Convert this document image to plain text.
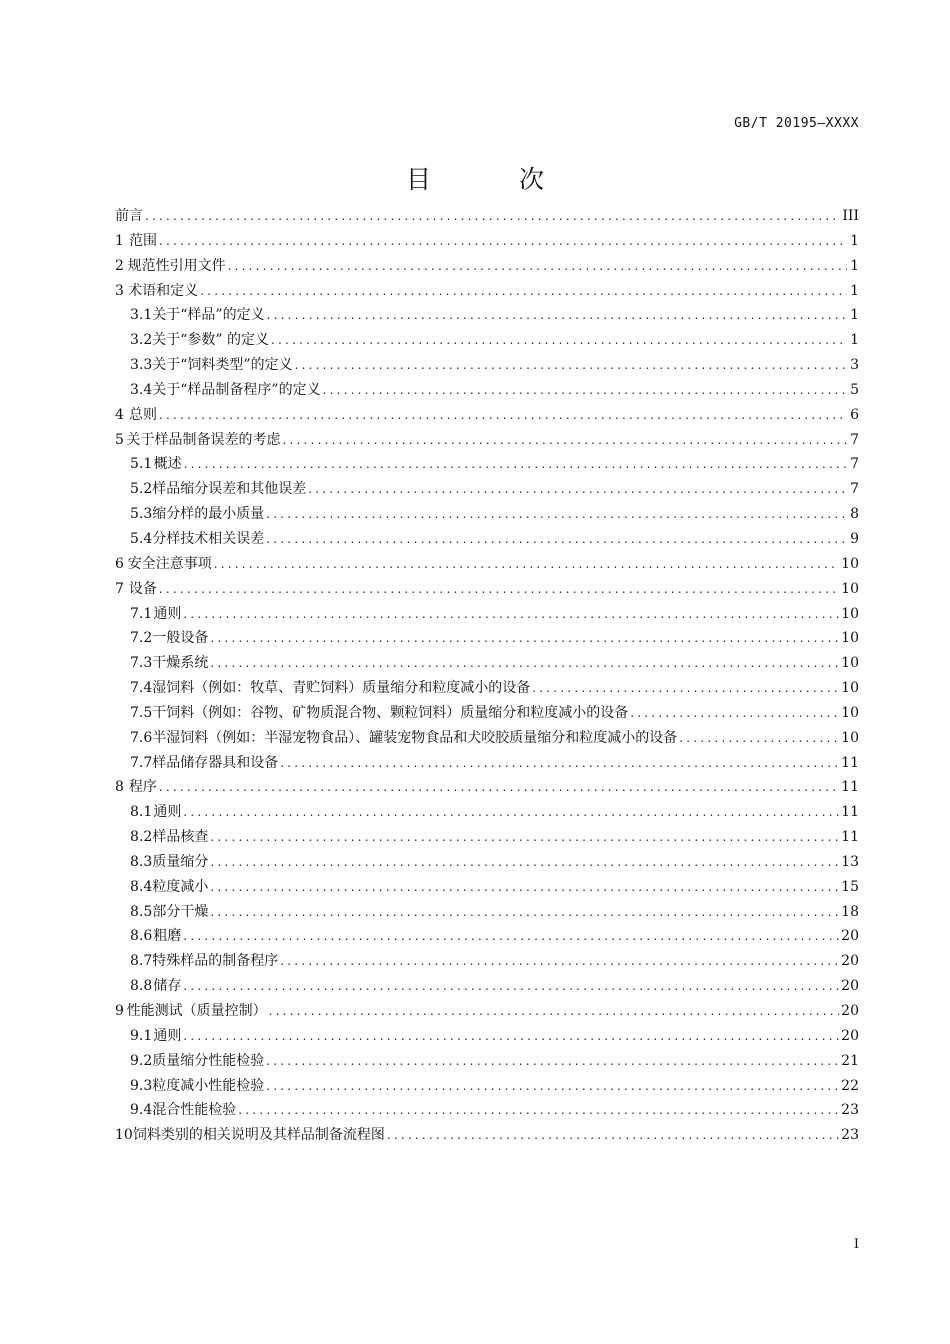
GB/T 20195—XXXX
目 次
前言 .....	III
1 范围 .....	1
2 规范性引用文件 .....	1
3 术语和定义 .....	1
3.1 关于“样品”的定义 .....	1
3.2 关于“参数” 的定义 .....	1
3.3 关于“饲料类型”的定义 .....	3
3.4 关于“样品制备程序”的定义 .....	5
4 总则 .....	6
5 关于样品制备误差的考虑 .....	7
5.1 概述 .....	7
5.2 样品缩分误差和其他误差 .....	7
5.3 缩分样的最小质量 .....	8
5.4 分样技术相关误差 .....	9
6 安全注意事项 .....	10
7 设备 .....	10
7.1 通则 .....	10
7.2 一般设备 .....	10
7.3 干燥系统 .....	10
7.4 湿饲料（例如：牧草、青贮饲料）质量缩分和粒度减小的设备 .....	10
7.5 干饲料（例如：谷物、矿物质混合物、颗粒饲料）质量缩分和粒度减小的设备 .....	10
7.6 半湿饲料（例如：半湿宠物食品）、罐装宠物食品和犬咬胶质量缩分和粒度减小的设备 .....	10
7.7 样品储存器具和设备 .....	11
8 程序 .....	11
8.1 通则 .....	11
8.2 样品核查 .....	11
8.3 质量缩分 .....	13
8.4 粒度减小 .....	15
8.5 部分干燥 .....	18
8.6 粗磨 .....	20
8.7 特殊样品的制备程序 .....	20
8.8 储存 .....	20
9 性能测试（质量控制） .....	20
9.1 通则 .....	20
9.2 质量缩分性能检验 .....	21
9.3 粒度减小性能检验 .....	22
9.4 混合性能检验 .....	23
10 饲料类别的相关说明及其样品制备流程图 .....	23
I
